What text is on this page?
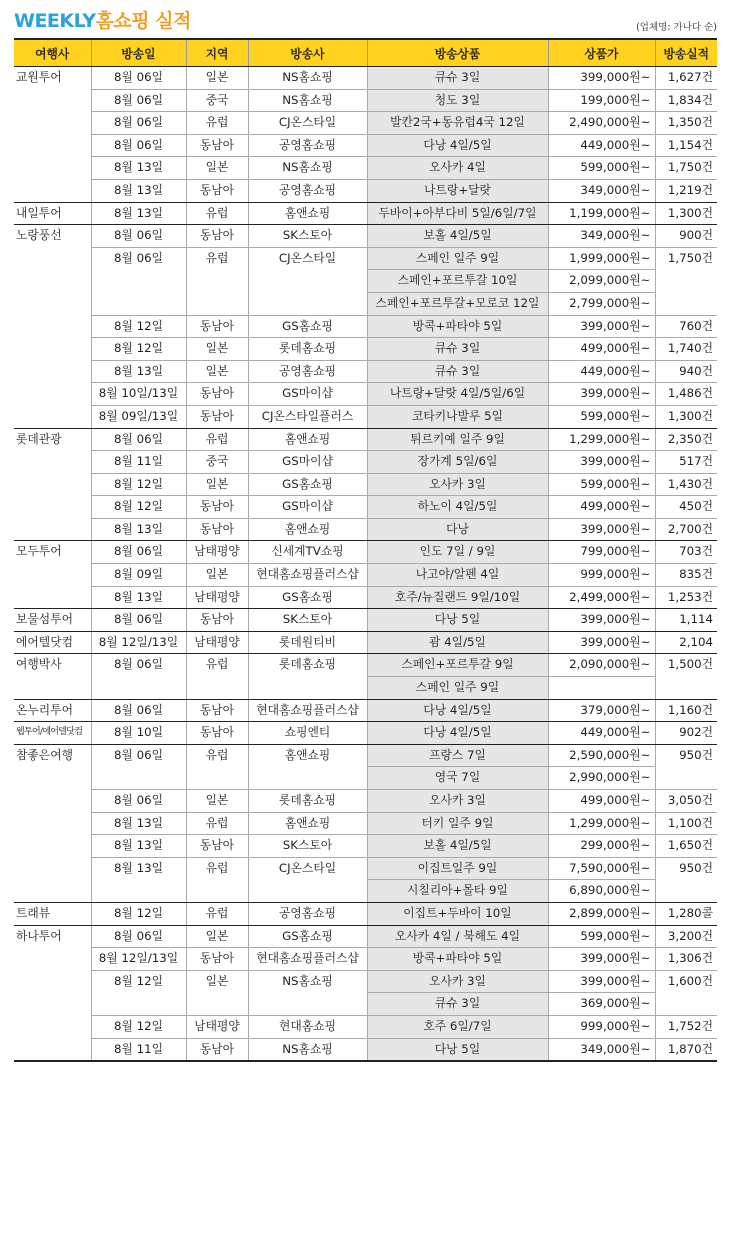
WEEKLY홈쇼핑 실적	(업체명: 가나다 순)
여행사	방송일	지역	방송사	방송상품	상품가	방송실적
교원투어	8월 06일	일본	NS홈쇼핑	큐슈 3일	399,000원~	1,627건
	8월 06일	중국	NS홈쇼핑	청도 3일	199,000원~	1,834건
	8월 06일	유럽	CJ온스타일	발칸2국+동유럽4국 12일	2,490,000원~	1,350건
	8월 06일	동남아	공영홈쇼핑	다낭 4일/5일	449,000원~	1,154건
	8월 13일	일본	NS홈쇼핑	오사카 4일	599,000원~	1,750건
	8월 13일	동남아	공영홈쇼핑	나트랑+달랏	349,000원~	1,219건
내일투어	8월 13일	유럽	홈앤쇼핑	두바이+아부다비 5일/6일/7일	1,199,000원~	1,300건
노랑풍선	8월 06일	동남아	SK스토아	보홀 4일/5일	349,000원~	900건
	8월 06일	유럽	CJ온스타일	스페인 일주 9일	1,999,000원~	1,750건
				스페인+포르투갈 10일	2,099,000원~	
				스페인+포르투갈+모로코 12일	2,799,000원~	
	8월 12일	동남아	GS홈쇼핑	방콕+파타야 5일	399,000원~	760건
	8월 12일	일본	롯데홈쇼핑	큐슈 3일	499,000원~	1,740건
	8월 13일	일본	공영홈쇼핑	큐슈 3일	449,000원~	940건
	8월 10일/13일	동남아	GS마이샵	나트랑+달랏 4일/5일/6일	399,000원~	1,486건
	8월 09일/13일	동남아	CJ온스타일플러스	코타키나발루 5일	599,000원~	1,300건
롯데관광	8월 06일	유럽	홈앤쇼핑	튀르키예 일주 9일	1,299,000원~	2,350건
	8월 11일	중국	GS마이샵	장가계 5일/6일	399,000원~	517건
	8월 12일	일본	GS홈쇼핑	오사카 3일	599,000원~	1,430건
	8월 12일	동남아	GS마이샵	하노이 4일/5일	499,000원~	450건
	8월 13일	동남아	홈앤쇼핑	다낭	399,000원~	2,700건
모두투어	8월 06일	남태평양	신세계TV쇼핑	인도 7일 / 9일	799,000원~	703건
	8월 09일	일본	현대홈쇼핑플러스샵	나고야/알펜 4일	999,000원~	835건
	8월 13일	남태평양	GS홈쇼핑	호주/뉴질랜드 9일/10일	2,499,000원~	1,253건
보물섬투어	8월 06일	동남아	SK스토아	다낭 5일	399,000원~	1,114
에어텔닷컴	8월 12일/13일	남태평양	롯데원티비	괌 4일/5일	399,000원~	2,104
여행박사	8월 06일	유럽	롯데홈쇼핑	스페인+포르투갈 9일	2,090,000원~	1,500건
				스페인 일주 9일		
온누리투어	8월 06일	동남아	현대홈쇼핑플러스샵	다낭 4일/5일	379,000원~	1,160건
웹투어/에어텔닷컴	8월 10일	동남아	쇼핑엔티	다낭 4일/5일	449,000원~	902건
참좋은여행	8월 06일	유럽	홈앤쇼핑	프랑스 7일	2,590,000원~	950건
				영국 7일	2,990,000원~	
	8월 06일	일본	롯데홈쇼핑	오사카 3일	499,000원~	3,050건
	8월 13일	유럽	홈앤쇼핑	터키 일주 9일	1,299,000원~	1,100건
	8월 13일	동남아	SK스토아	보홀 4일/5일	299,000원~	1,650건
	8월 13일	유럽	CJ온스타일	이집트일주 9일	7,590,000원~	950건
				시칠리아+몰타 9일	6,890,000원~	
트래뷰	8월 12일	유럽	공영홈쇼핑	이집트+두바이 10일	2,899,000원~	1,280콜
하나투어	8월 06일	일본	GS홈쇼핑	오사카 4일 / 북해도 4일	599,000원~	3,200건
	8월 12일/13일	동남아	현대홈쇼핑플러스샵	방콕+파타야 5일	399,000원~	1,306건
	8월 12일	일본	NS홈쇼핑	오사카 3일	399,000원~	1,600건
				큐슈 3일	369,000원~	
	8월 12일	남태평양	현대홈쇼핑	호주 6일/7일	999,000원~	1,752건
	8월 11일	동남아	NS홈쇼핑	다낭 5일	349,000원~	1,870건
